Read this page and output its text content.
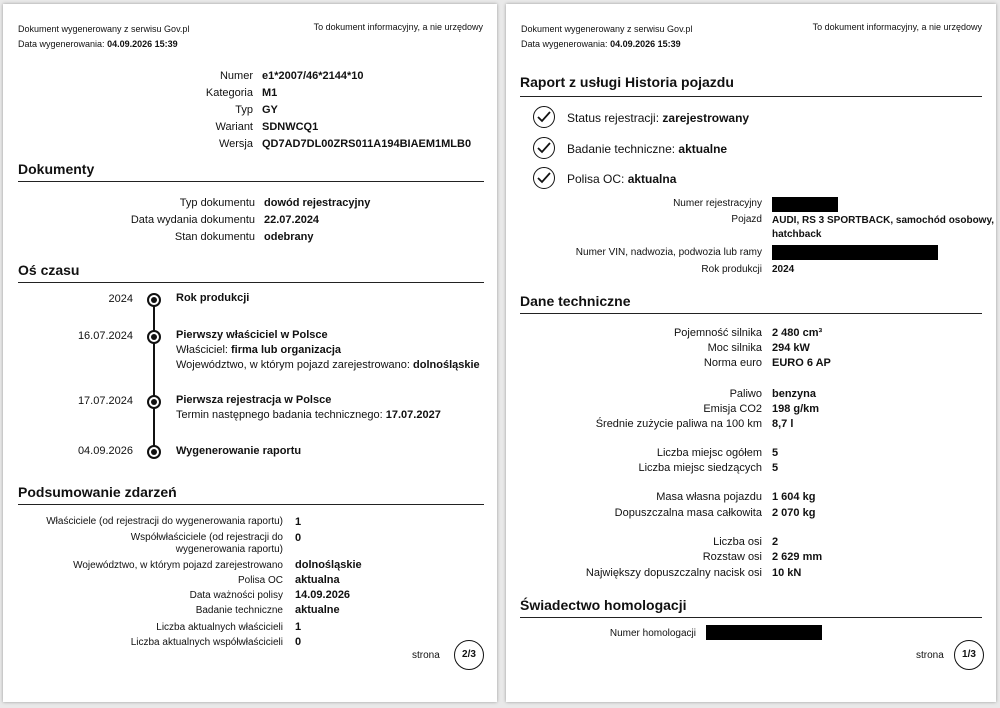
Dokument wygenerowany z serwisu Gov.pl
Data wygenerowania: 04.09.2026 15:39
To dokument informacyjny, a nie urzędowy
Numer e1*2007/46*2144*10
Kategoria M1
Typ GY
Wariant SDNWCQ1
Wersja QD7AD7DL00ZRS011A194BIAEM1MLB0
Dokumenty
Typ dokumentu dowód rejestracyjny
Data wydania dokumentu 22.07.2024
Stan dokumentu odebrany
Oś czasu
2024	Rok produkcji
16.07.2024	Pierwszy właściciel w Polsce
Właściciel: firma lub organizacja
Województwo, w którym pojazd zarejestrowano: dolnośląskie
17.07.2024	Pierwsza rejestracja w Polsce
Termin następnego badania technicznego: 17.07.2027
04.09.2026	Wygenerowanie raportu
Podsumowanie zdarzeń
Właściciele (od rejestracji do wygenerowania raportu) 1
Współwłaściciele (od rejestracji do wygenerowania raportu)
0
Województwo, w którym pojazd zarejestrowano dolnośląskie
Polisa OC aktualna
Data ważności polisy 14.09.2026
Badanie techniczne aktualne
Liczba aktualnych właścicieli 1
Liczba aktualnych współwłaścicieli 0
strona	2/3
Dokument wygenerowany z serwisu Gov.pl
Data wygenerowania: 04.09.2026 15:39
To dokument informacyjny, a nie urzędowy
Raport z usługi Historia pojazdu
Status rejestracji: zarejestrowany
Badanie techniczne: aktualne
Polisa OC: aktualna
Numer rejestracyjny
Pojazd AUDI, RS 3 SPORTBACK, samochód osobowy,
hatchback
Numer VIN, nadwozia, podwozia lub ramy
Rok produkcji 2024
Dane techniczne
Pojemność silnika 2 480 cm³
Moc silnika 294 kW
Norma euro EURO 6 AP
Paliwo benzyna
Emisja CO2 198 g/km
Średnie zużycie paliwa na 100 km 8,7 l
Liczba miejsc ogółem 5
Liczba miejsc siedzących 5
Masa własna pojazdu 1 604 kg
Dopuszczalna masa całkowita 2 070 kg
Liczba osi 2
Rozstaw osi 2 629 mm
Największy dopuszczalny nacisk osi 10 kN
Świadectwo homologacji
Numer homologacji
strona	1/3
